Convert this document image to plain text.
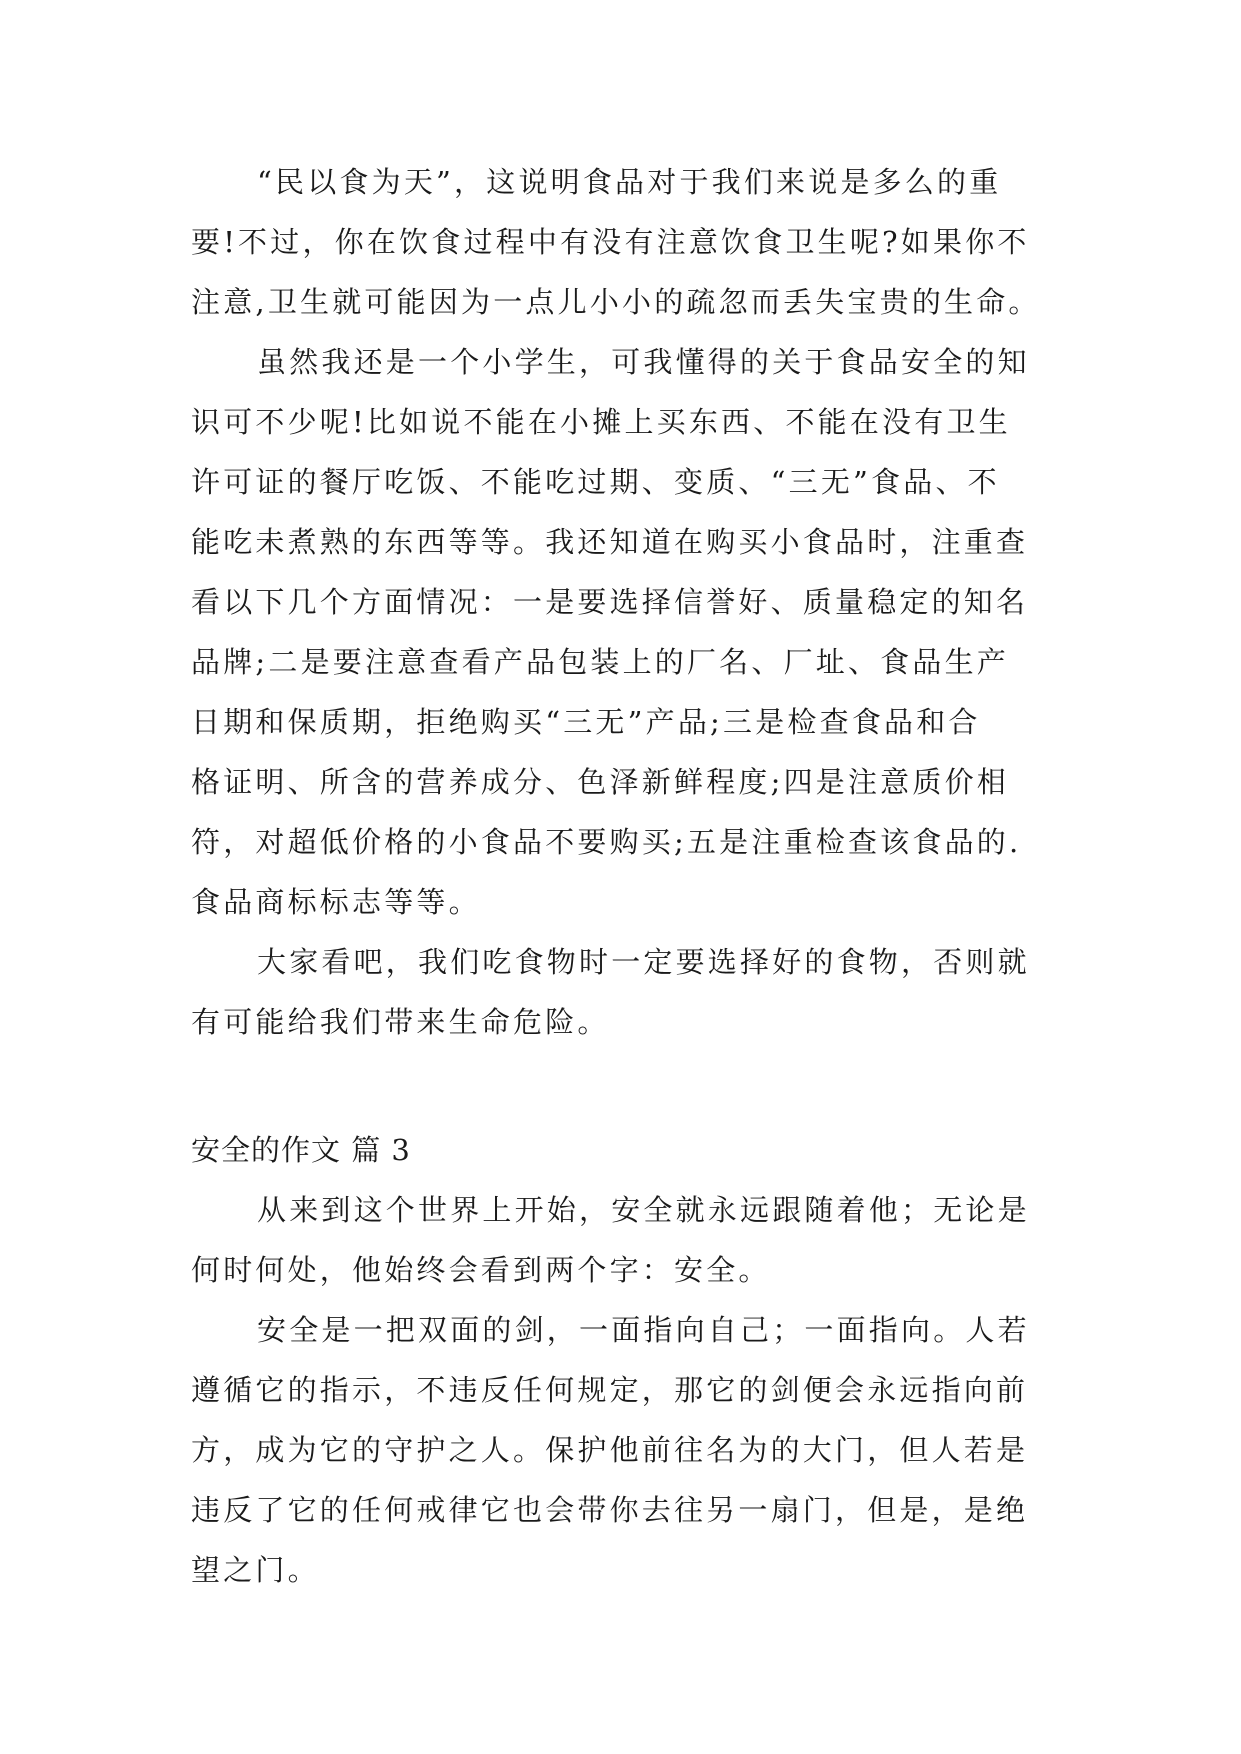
“民以食为天”，这说明食品对于我们来说是多么的重
要!不过，你在饮食过程中有没有注意饮食卫生呢?如果你不
注意,卫生就可能因为一点儿小小的疏忽而丢失宝贵的生命。
虽然我还是一个小学生，可我懂得的关于食品安全的知
识可不少呢!比如说不能在小摊上买东西、不能在没有卫生
许可证的餐厅吃饭、不能吃过期、变质、“三无”食品、不
能吃未煮熟的东西等等。我还知道在购买小食品时，注重查
看以下几个方面情况：一是要选择信誉好、质量稳定的知名
品牌;二是要注意查看产品包装上的厂名、厂址、食品生产
日期和保质期，拒绝购买“三无”产品;三是检查食品和合
格证明、所含的营养成分、色泽新鲜程度;四是注意质价相
符，对超低价格的小食品不要购买;五是注重检查该食品的.
食品商标标志等等。
大家看吧，我们吃食物时一定要选择好的食物，否则就
有可能给我们带来生命危险。
安全的作文 篇 3
从来到这个世界上开始，安全就永远跟随着他；无论是
何时何处，他始终会看到两个字：安全。
安全是一把双面的剑，一面指向自己；一面指向。人若
遵循它的指示，不违反任何规定，那它的剑便会永远指向前
方，成为它的守护之人。保护他前往名为的大门，但人若是
违反了它的任何戒律它也会带你去往另一扇门，但是，是绝
望之门。
